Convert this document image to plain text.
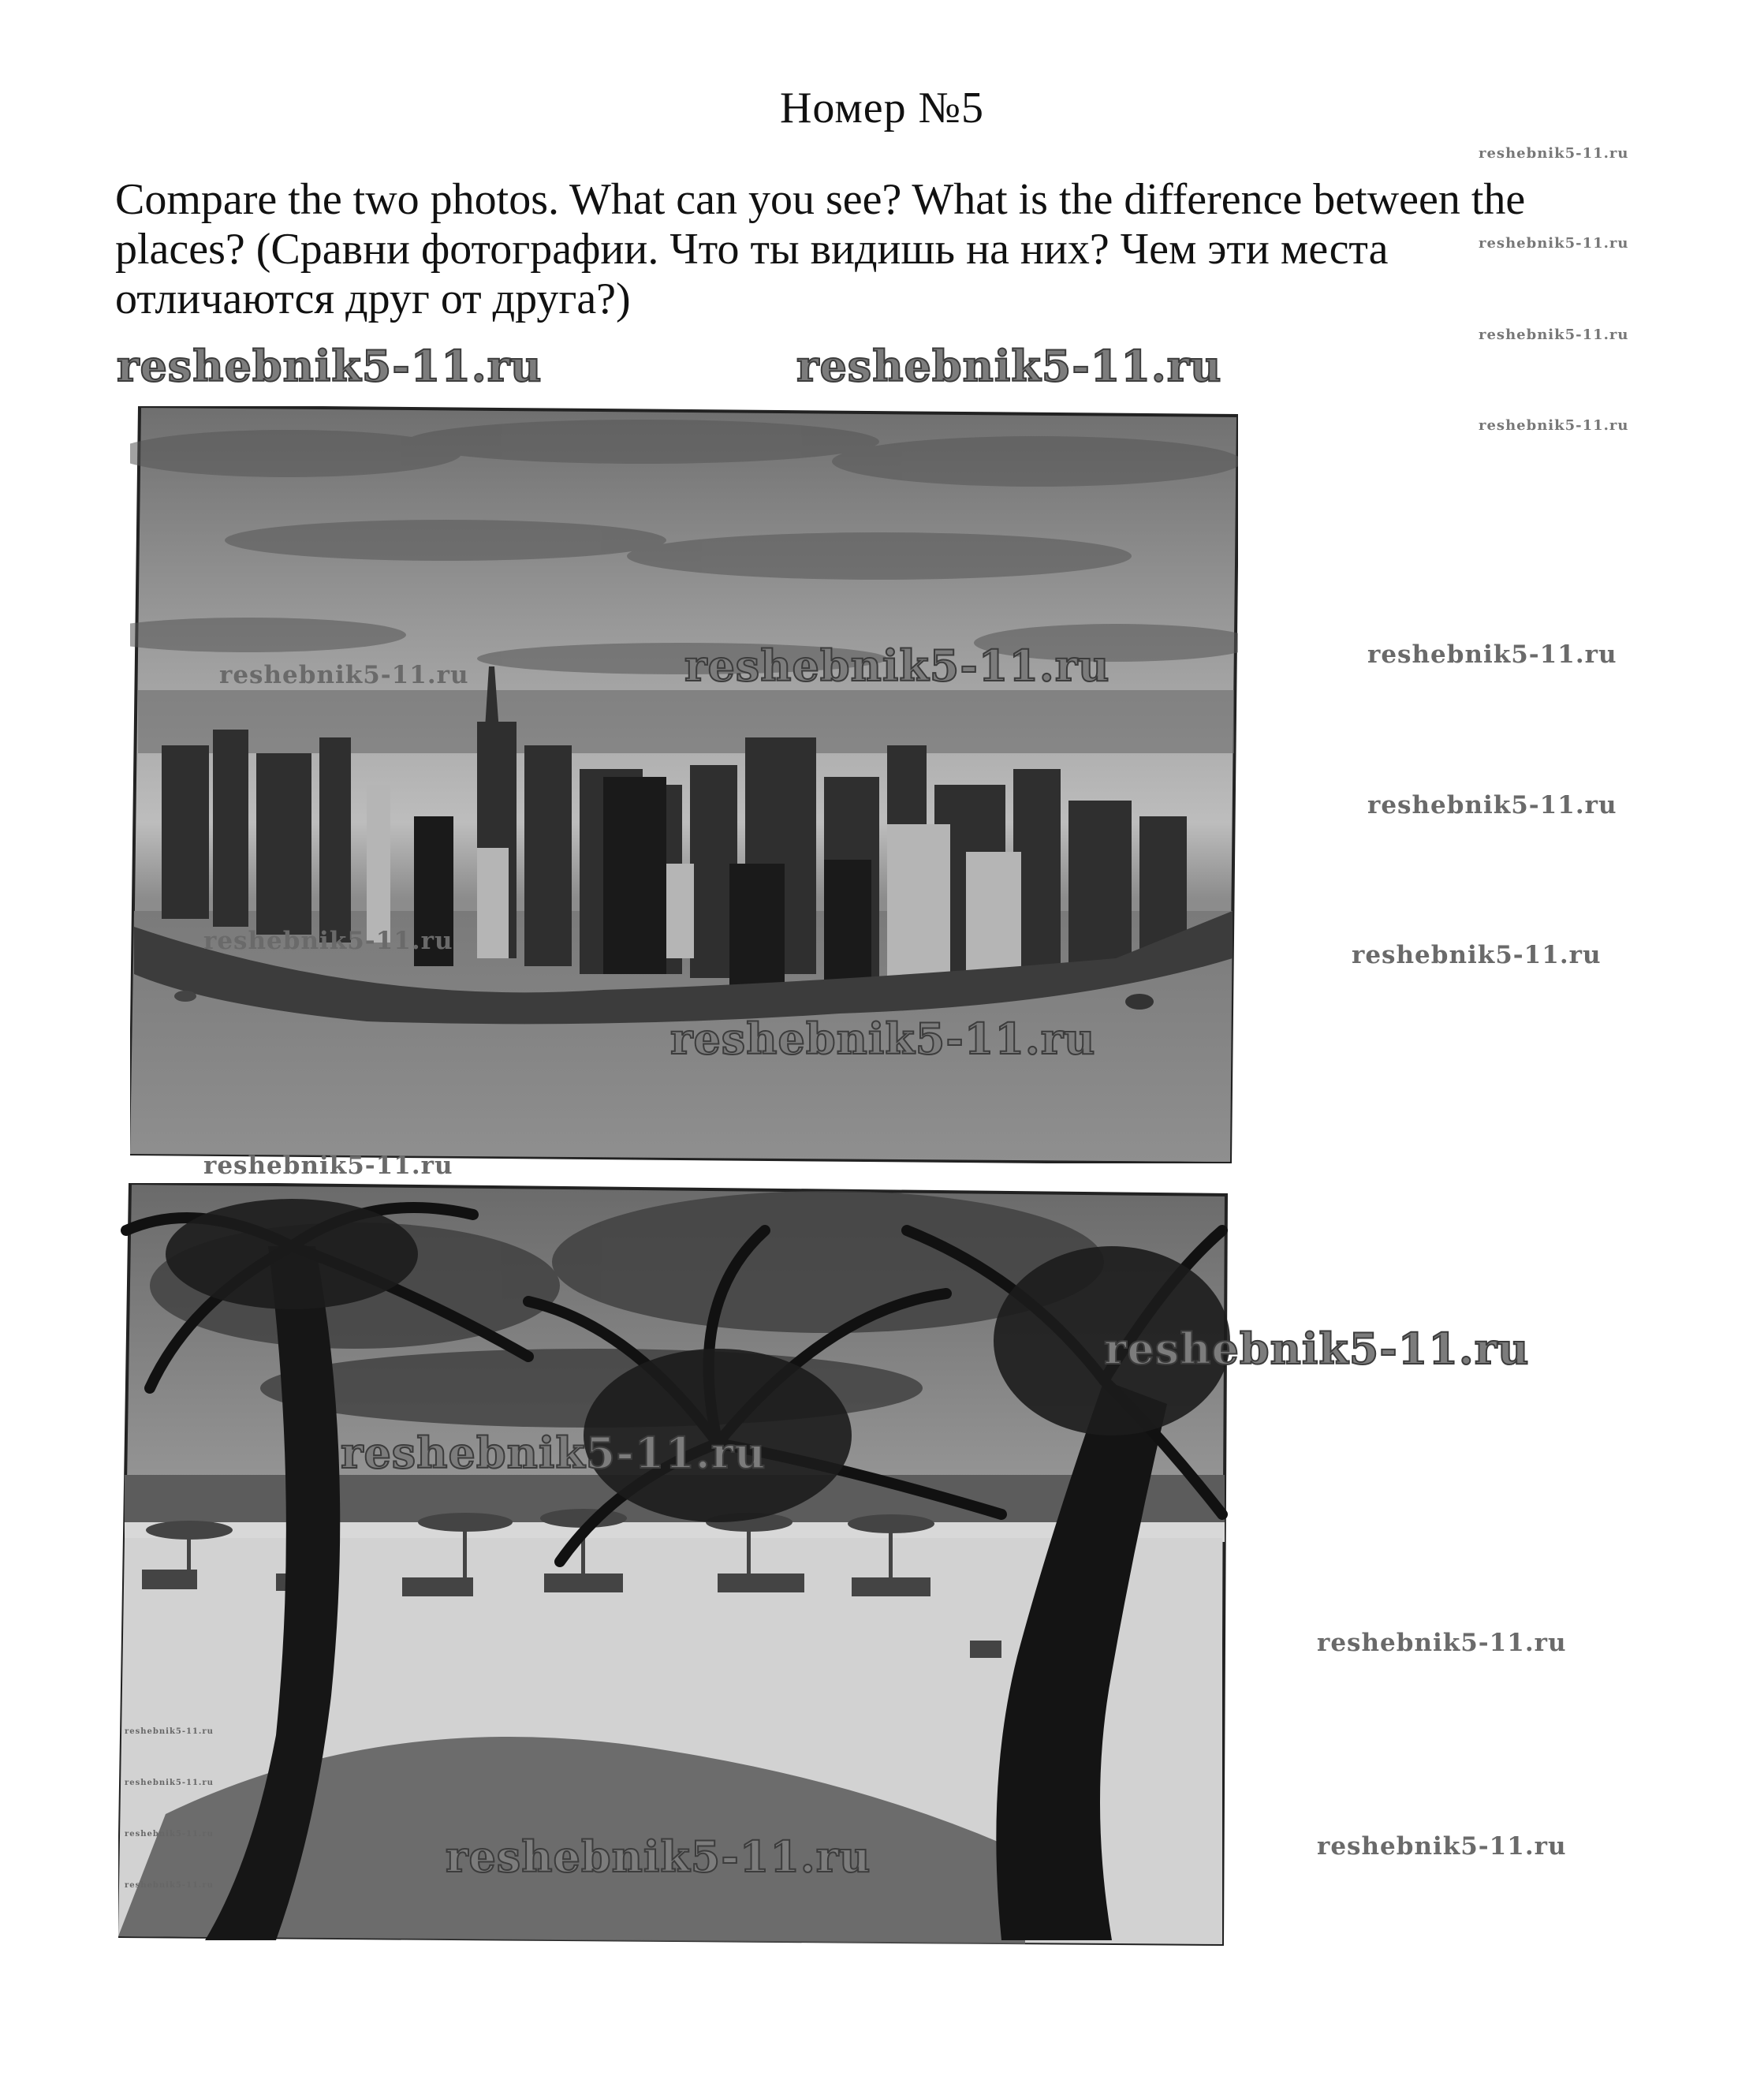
Номер №5
Compare the two photos. What can you see? What is the difference between the
places? (Сравни фотографии. Что ты видишь на них? Чем эти места
отличаются друг от друга?)
reshebnik5-11.ru
reshebnik5-11.ru
reshebnik5-11.ru
reshebnik5-11.ru
reshebnik5-11.ru	reshebnik5-11.ru
reshebnik5-11.ru
reshebnik5-11.ru
reshebnik5-11.ru
reshebnik5-11.ru
reshebnik5-11.ru
reshebnik5-11.ru
reshebnik5-11.ru
reshebnik5-11.ru
reshebnik5-11.ru
reshebnik5-11.ru
reshebnik5-11.ru
reshebnik5-11.ru
reshebnik5-11.ru
reshebnik5-11.ru
reshebnik5-11.ru
reshebnik5-11.ru
reshebnik5-11.ru
